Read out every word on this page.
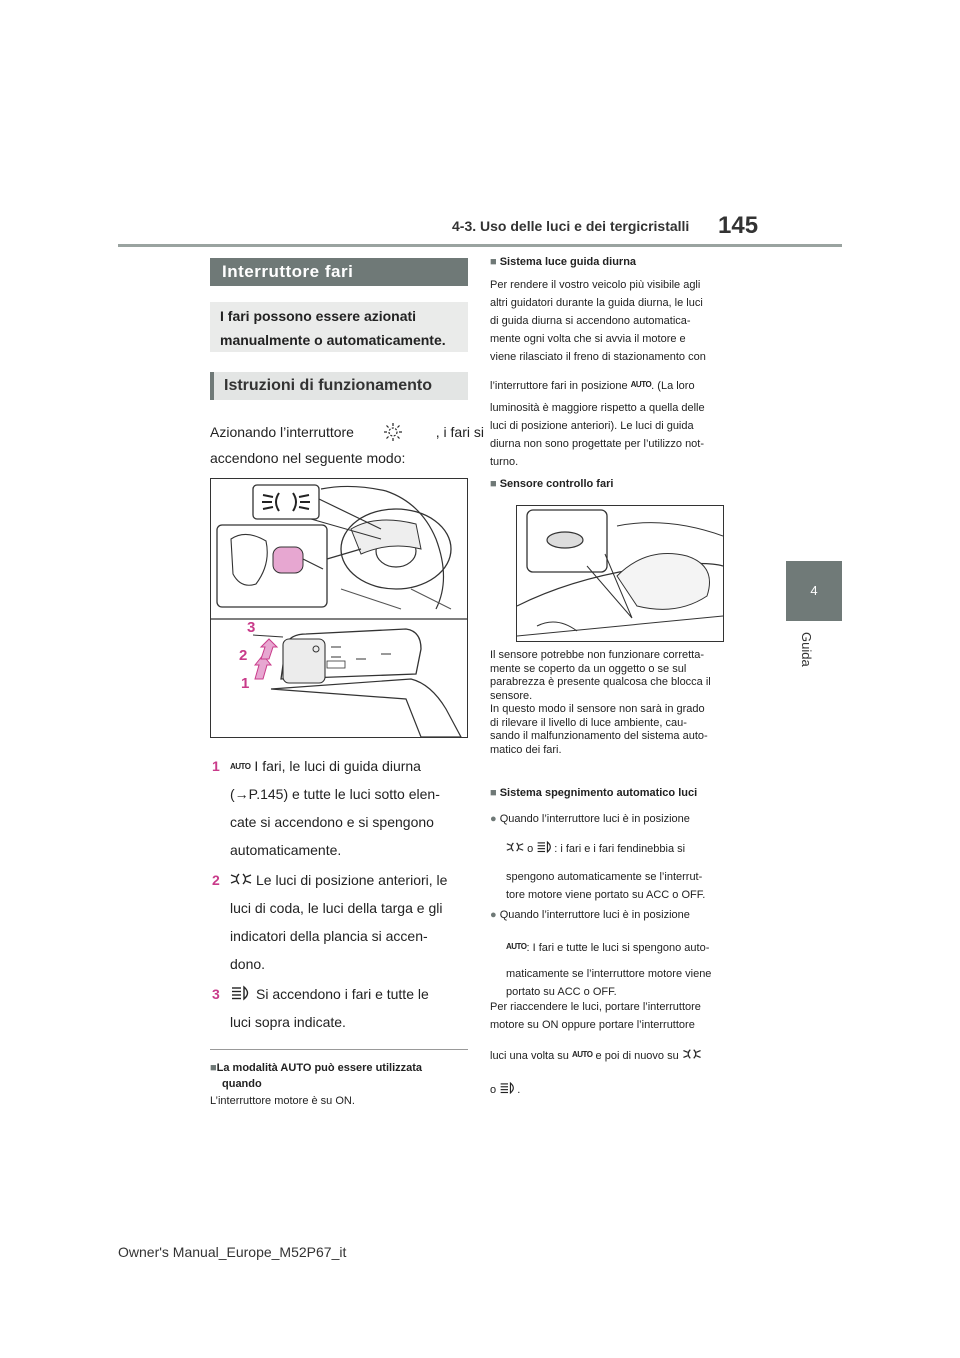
4-3. Uso delle luci e dei tergicristalli 145
4
Guida
Interruttore fari
I fari possono essere azionati
manualmente o automaticamente.
Istruzioni di funzionamento
Azionando l’interruttore	, i fari si
accendono nel seguente modo:
3
2
1
1 AUTO I fari, le luci di guida diurna
(→P.145) e tutte le luci sotto elen-
cate si accendono e si spengono
automaticamente.
2	Le luci di posizione anteriori, le
luci di coda, le luci della targa e gli
indicatori della plancia si accen-
dono.
3	Si accendono i fari e tutte le
luci sopra indicate.
■La modalità AUTO può essere utilizzata
quando
L’interruttore motore è su ON.
■ Sistema luce guida diurna
Per rendere il vostro veicolo più visibile agli
altri guidatori durante la guida diurna, le luci
di guida diurna si accendono automatica-
mente ogni volta che si avvia il motore e
viene rilasciato il freno di stazionamento con
l’interruttore fari in posizione AUTO. (La loro
luminosità è maggiore rispetto a quella delle
luci di posizione anteriori). Le luci di guida
diurna non sono progettate per l’utilizzo not-
turno.
■ Sensore controllo fari
Il sensore potrebbe non funzionare corretta-
mente se coperto da un oggetto o se sul
parabrezza è presente qualcosa che blocca il
sensore.
In questo modo il sensore non sarà in grado
di rilevare il livello di luce ambiente, cau-
sando il malfunzionamento del sistema auto-
matico dei fari.
■ Sistema spegnimento automatico luci
● Quando l’interruttore luci è in posizione
o : i fari e i fari fendinebbia si
spengono automaticamente se l’interrut-
tore motore viene portato su ACC o OFF.
● Quando l’interruttore luci è in posizione
AUTO: I fari e tutte le luci si spengono auto-
maticamente se l’interruttore motore viene
portato su ACC o OFF.
Per riaccendere le luci, portare l’interruttore
motore su ON oppure portare l’interruttore
luci una volta su AUTO e poi di nuovo su
o .
Owner's Manual_Europe_M52P67_it
